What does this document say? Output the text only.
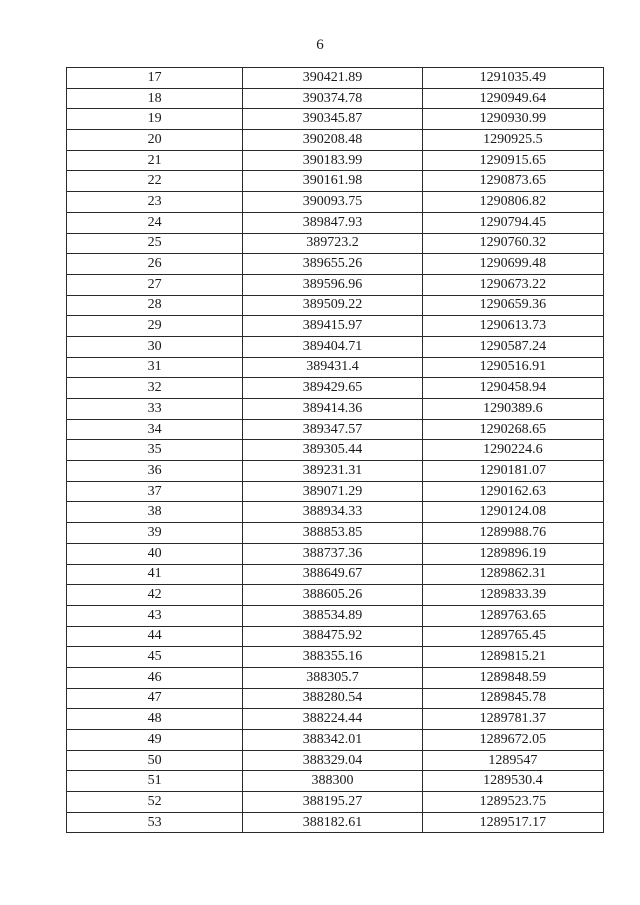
6
17	390421.89	1291035.49
18	390374.78	1290949.64
19	390345.87	1290930.99
20	390208.48	1290925.5
21	390183.99	1290915.65
22	390161.98	1290873.65
23	390093.75	1290806.82
24	389847.93	1290794.45
25	389723.2	1290760.32
26	389655.26	1290699.48
27	389596.96	1290673.22
28	389509.22	1290659.36
29	389415.97	1290613.73
30	389404.71	1290587.24
31	389431.4	1290516.91
32	389429.65	1290458.94
33	389414.36	1290389.6
34	389347.57	1290268.65
35	389305.44	1290224.6
36	389231.31	1290181.07
37	389071.29	1290162.63
38	388934.33	1290124.08
39	388853.85	1289988.76
40	388737.36	1289896.19
41	388649.67	1289862.31
42	388605.26	1289833.39
43	388534.89	1289763.65
44	388475.92	1289765.45
45	388355.16	1289815.21
46	388305.7	1289848.59
47	388280.54	1289845.78
48	388224.44	1289781.37
49	388342.01	1289672.05
50	388329.04	1289547
51	388300	1289530.4
52	388195.27	1289523.75
53	388182.61	1289517.17
